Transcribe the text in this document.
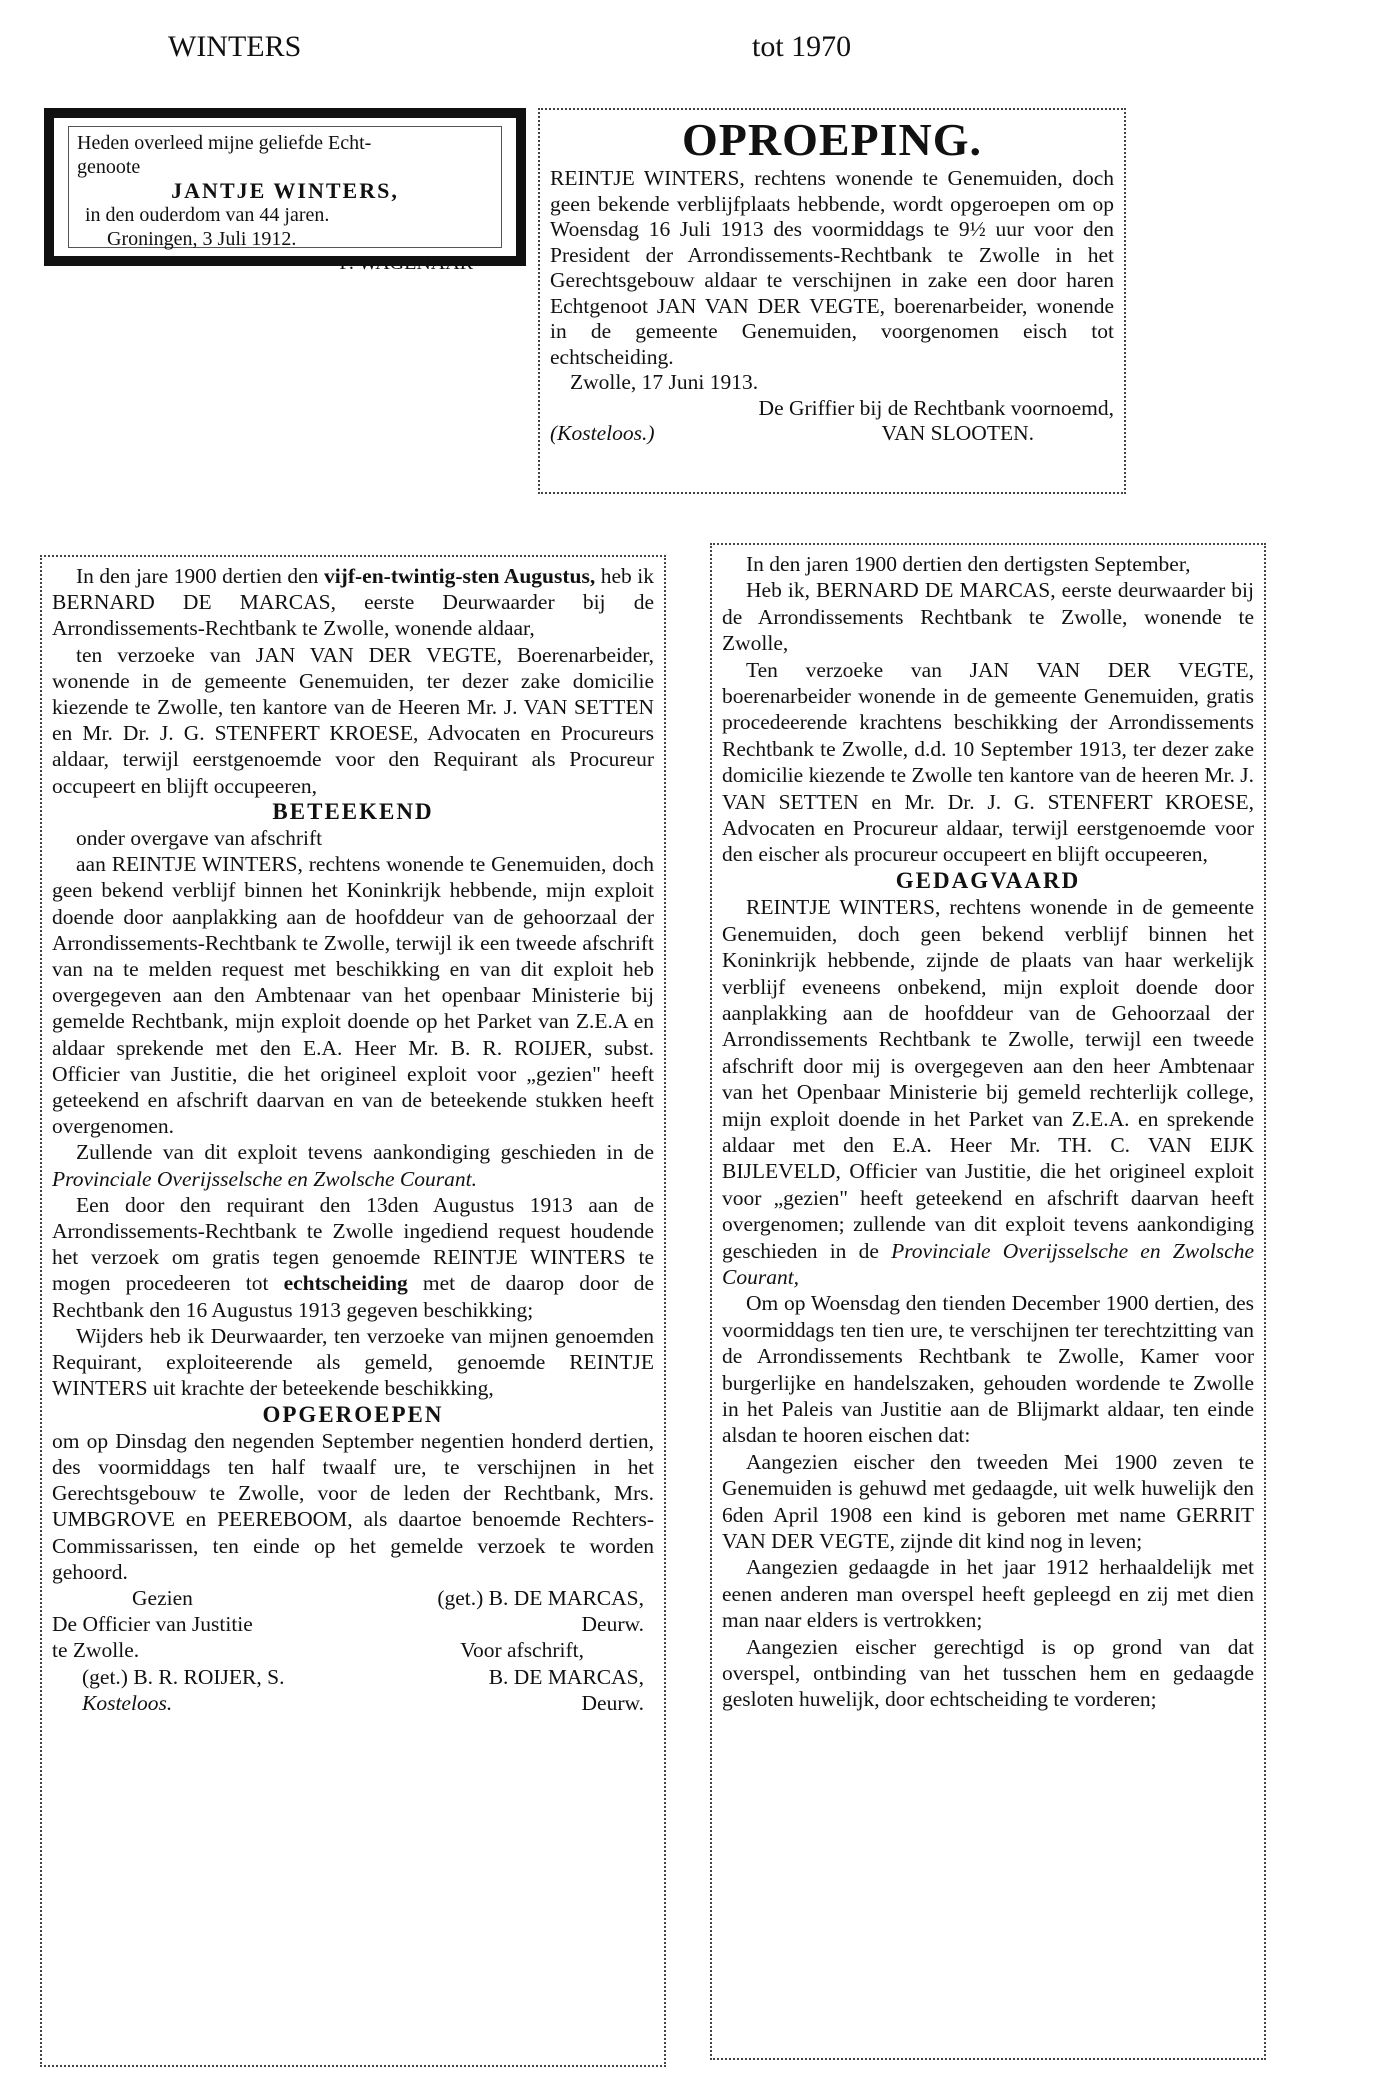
WINTERS	tot 1970

Heden overleed mijne geliefde Echt-

genoote

JANTJE WINTERS,

in den ouderdom van 44 jaren.

Groningen, 3 Juli 1912.

F. WAGENAAR

OPROEPING.

REINTJE WINTERS, rechtens wonende te Genemuiden, doch geen bekende verblijfplaats hebbende, wordt opgeroepen om op Woensdag 16 Juli 1913 des voormiddags te 9½ uur voor den President der Arrondissements-Rechtbank te Zwolle in het Gerechtsgebouw aldaar te verschijnen in zake een door haren Echtgenoot JAN VAN DER VEGTE, boerenarbeider, wonende in de gemeente Genemuiden, voorgenomen eisch tot echtscheiding.

Zwolle, 17 Juni 1913.

De Griffier bij de Rechtbank voornoemd,

(Kosteloos.)	VAN SLOOTEN.

In den jare 1900 dertien den vijf-en-twintig-sten Augustus, heb ik BERNARD DE MARCAS, eerste Deurwaarder bij de Arrondissements-Rechtbank te Zwolle, wonende aldaar,

ten verzoeke van JAN VAN DER VEGTE, Boerenarbeider, wonende in de gemeente Genemuiden, ter dezer zake domicilie kiezende te Zwolle, ten kantore van de Heeren Mr. J. VAN SETTEN en Mr. Dr. J. G. STENFERT KROESE, Advocaten en Procureurs aldaar, terwijl eerstgenoemde voor den Requirant als Procureur occupeert en blijft occupeeren,

BETEEKEND

onder overgave van afschrift

aan REINTJE WINTERS, rechtens wonende te Genemuiden, doch geen bekend verblijf binnen het Koninkrijk hebbende, mijn exploit doende door aanplakking aan de hoofddeur van de gehoorzaal der Arrondissements-Rechtbank te Zwolle, terwijl ik een tweede afschrift van na te melden request met beschikking en van dit exploit heb overgegeven aan den Ambtenaar van het openbaar Ministerie bij gemelde Rechtbank, mijn exploit doende op het Parket van Z.E.A en aldaar sprekende met den E.A. Heer Mr. B. R. ROIJER, subst. Officier van Justitie, die het origineel exploit voor „gezien" heeft geteekend en afschrift daarvan en van de beteekende stukken heeft overgenomen.

Zullende van dit exploit tevens aankondiging geschieden in de Provinciale Overijsselsche en Zwolsche Courant.

Een door den requirant den 13den Augustus 1913 aan de Arrondissements-Rechtbank te Zwolle ingediend request houdende het verzoek om gratis tegen genoemde REINTJE WINTERS te mogen procedeeren tot echtscheiding met de daarop door de Rechtbank den 16 Augustus 1913 gegeven beschikking;

Wijders heb ik Deurwaarder, ten verzoeke van mijnen genoemden Requirant, exploiteerende als gemeld, genoemde REINTJE WINTERS uit krachte der beteekende beschikking,

OPGEROEPEN

om op Dinsdag den negenden September negentien honderd dertien, des voormiddags ten half twaalf ure, te verschijnen in het Gerechtsgebouw te Zwolle, voor de leden der Rechtbank, Mrs. UMBGROVE en PEEREBOOM, als daartoe benoemde Rechters-Commissarissen, ten einde op het gemelde verzoek te worden gehoord.

Gezien	(get.) B. DE MARCAS,
De Officier van Justitie	Deurw.
te Zwolle.	Voor afschrift,
(get.) B. R. ROIJER, S.	B. DE MARCAS,
Kosteloos.	Deurw.

In den jaren 1900 dertien den dertigsten September,

Heb ik, BERNARD DE MARCAS, eerste deurwaarder bij de Arrondissements Rechtbank te Zwolle, wonende te Zwolle,

Ten verzoeke van JAN VAN DER VEGTE, boerenarbeider wonende in de gemeente Genemuiden, gratis procedeerende krachtens beschikking der Arrondissements Rechtbank te Zwolle, d.d. 10 September 1913, ter dezer zake domicilie kiezende te Zwolle ten kantore van de heeren Mr. J. VAN SETTEN en Mr. Dr. J. G. STENFERT KROESE, Advocaten en Procureur aldaar, terwijl eerstgenoemde voor den eischer als procureur occupeert en blijft occupeeren,

GEDAGVAARD

REINTJE WINTERS, rechtens wonende in de gemeente Genemuiden, doch geen bekend verblijf binnen het Koninkrijk hebbende, zijnde de plaats van haar werkelijk verblijf eveneens onbekend, mijn exploit doende door aanplakking aan de hoofddeur van de Gehoorzaal der Arrondissements Rechtbank te Zwolle, terwijl een tweede afschrift door mij is overgegeven aan den heer Ambtenaar van het Openbaar Ministerie bij gemeld rechterlijk college, mijn exploit doende in het Parket van Z.E.A. en sprekende aldaar met den E.A. Heer Mr. TH. C. VAN EIJK BIJLEVELD, Officier van Justitie, die het origineel exploit voor „gezien" heeft geteekend en afschrift daarvan heeft overgenomen; zullende van dit exploit tevens aankondiging geschieden in de Provinciale Overijsselsche en Zwolsche Courant,

Om op Woensdag den tienden December 1900 dertien, des voormiddags ten tien ure, te verschijnen ter terechtzitting van de Arrondissements Rechtbank te Zwolle, Kamer voor burgerlijke en handelszaken, gehouden wordende te Zwolle in het Paleis van Justitie aan de Blijmarkt aldaar, ten einde alsdan te hooren eischen dat:

Aangezien eischer den tweeden Mei 1900 zeven te Genemuiden is gehuwd met gedaagde, uit welk huwelijk den 6den April 1908 een kind is geboren met name GERRIT VAN DER VEGTE, zijnde dit kind nog in leven;

Aangezien gedaagde in het jaar 1912 herhaaldelijk met eenen anderen man overspel heeft gepleegd en zij met dien man naar elders is vertrokken;

Aangezien eischer gerechtigd is op grond van dat overspel, ontbinding van het tusschen hem en gedaagde gesloten huwelijk, door echtscheiding te vorderen;
